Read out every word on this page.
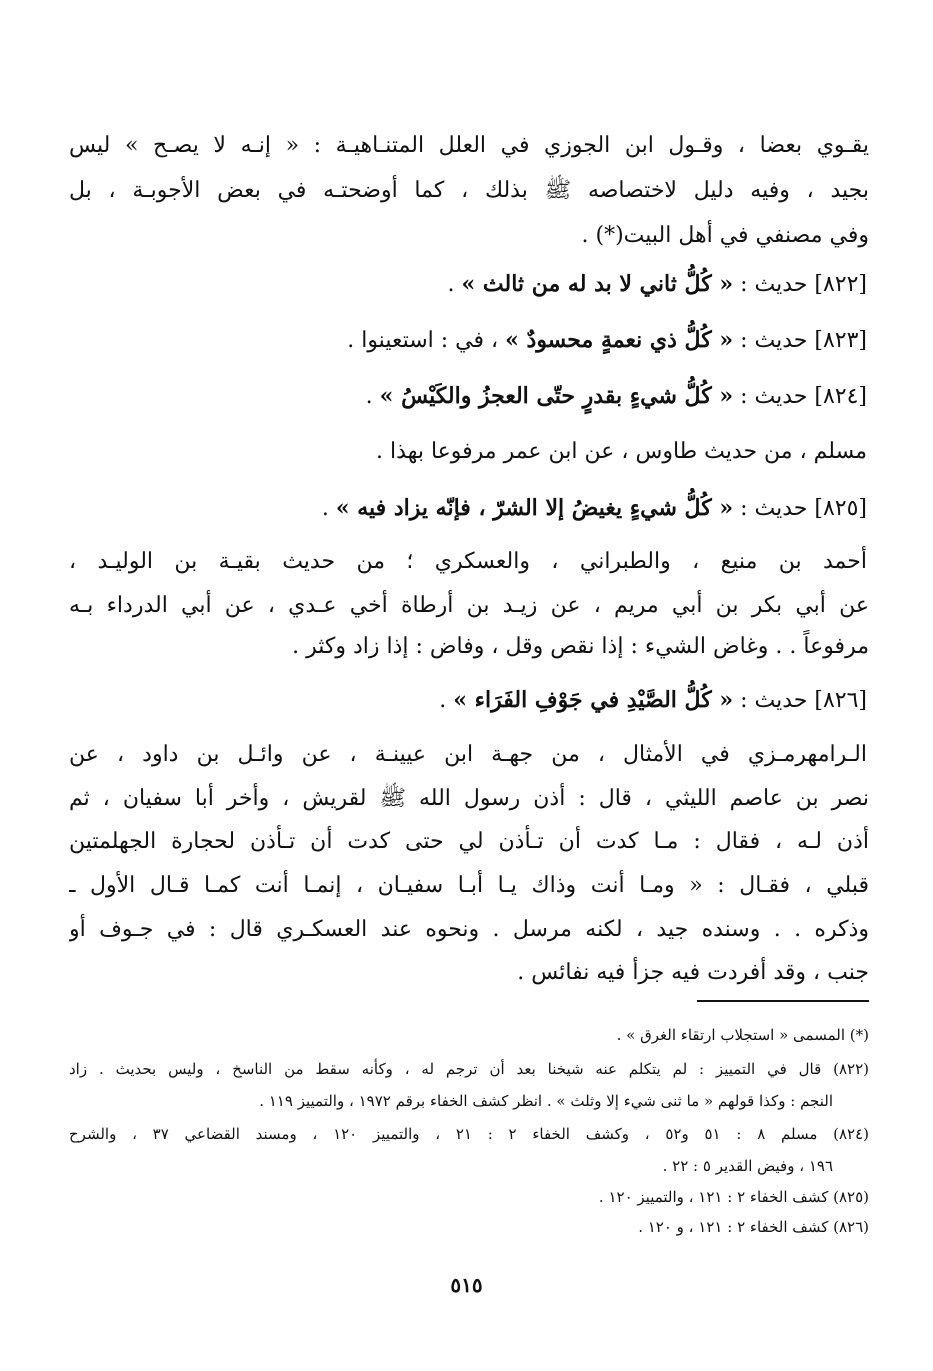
يقـوي بعضا ، وقـول ابن الجوزي في العلل المتنـاهيـة : « إنـه لا يصـح » ليس
بجيد ، وفيه دليل لاختصاصه ﷺ بذلك ، كما أوضحتـه في بعض الأجوبـة ، بل
وفي مصنفي في أهل البيت(*) .
[٨٢٢] حديث : « كُلُّ ثاني لا بد له من ثالث » .
[٨٢٣] حديث : « كُلُّ ذي نعمةٍ محسودٌ » ، في : استعينوا .
[٨٢٤] حديث : « كُلُّ شيءٍ بقدرٍ حتّى العجزُ والكَيْسُ » .
مسلم ، من حديث طاوس ، عن ابن عمر مرفوعا بهذا .
[٨٢٥] حديث : « كُلُّ شيءٍ يغيضُ إلا الشرّ ، فإنّه يزاد فيه » .
أحمد بن منيع ، والطبراني ، والعسكري ؛ من حديث بقيـة بن الوليـد ،
عن أبي بكر بن أبي مريم ، عن زيـد بن أرطاة أخي عـدي ، عن أبي الدرداء بـه
مرفوعاً . . وغاض الشيء : إذا نقص وقل ، وفاض : إذا زاد وكثر .
[٨٢٦] حديث : « كُلُّ الصَّيْدِ في جَوْفِ الفَرَاء » .
الـرامهرمـزي في الأمثال ، من جهـة ابن عيينـة ، عن وائـل بن داود ، عن
نصر بن عاصم الليثي ، قال : أذن رسول الله ﷺ لقريش ، وأخر أبا سفيان ، ثم
أذن لـه ، فقال : مـا كدت أن تـأذن لي حتى كدت أن تـأذن لحجارة الجهلمتين
قبلي ، فقـال : « ومـا أنت وذاك يـا أبـا سفيـان ، إنمـا أنت كمـا قـال الأول ـ
وذكره . . وسنده جيد ، لكنه مرسل . ونحوه عند العسكـري قال : في جـوف أو
جنب ، وقد أفردت فيه جزأ فيه نفائس .
(*) المسمى « استجلاب ارتقاء الغرق » .
(٨٢٢) قال في التمييز : لم يتكلم عنه شيخنا بعد أن ترجم له ، وكأنه سقط من الناسخ ، وليس بحديث . زاد
النجم : وكذا قولهم « ما ثنى شيء إلا وثلث » . انظر كشف الخفاء برقم ١٩٧٢ ، والتمييز ١١٩ .
(٨٢٤) مسلم ٨ : ٥١ و٥٢ ، وكشف الخفاء ٢ : ٢١ ، والتمييز ١٢٠ ، ومسند القضاعي ٣٧ ، والشرح
١٩٦ ، وفيض القدير ٥ : ٢٢ .
(٨٢٥) كشف الخفاء ٢ : ١٢١ ، والتمييز ١٢٠ .
(٨٢٦) كشف الخفاء ٢ : ١٢١ ، و ١٢٠ .
٥١٥
